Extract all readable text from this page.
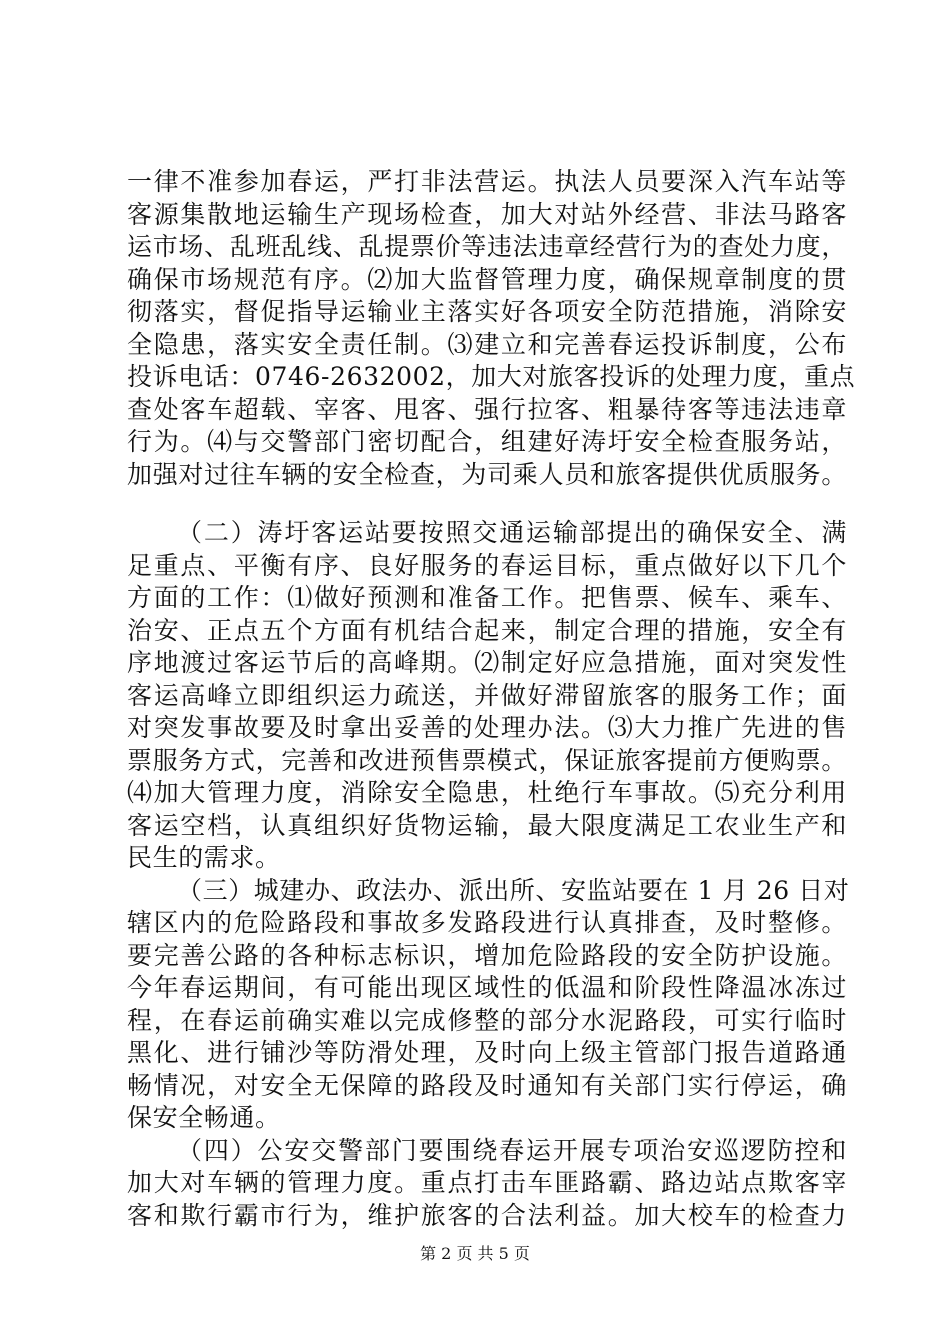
一律不准参加春运，严打非法营运。执法人员要深入汽车站等
客源集散地运输生产现场检查，加大对站外经营、非法马路客
运市场、乱班乱线、乱提票价等违法违章经营行为的查处力度，
确保市场规范有序。⑵加大监督管理力度，确保规章制度的贯
彻落实，督促指导运输业主落实好各项安全防范措施，消除安
全隐患，落实安全责任制。⑶建立和完善春运投诉制度，公布
投诉电话：0746-2632002，加大对旅客投诉的处理力度，重点
查处客车超载、宰客、甩客、强行拉客、粗暴待客等违法违章
行为。⑷与交警部门密切配合，组建好涛圩安全检查服务站，
加强对过往车辆的安全检查，为司乘人员和旅客提供优质服务。
（二）涛圩客运站要按照交通运输部提出的确保安全、满
足重点、平衡有序、良好服务的春运目标，重点做好以下几个
方面的工作：⑴做好预测和准备工作。把售票、候车、乘车、
治安、正点五个方面有机结合起来，制定合理的措施，安全有
序地渡过客运节后的高峰期。⑵制定好应急措施，面对突发性
客运高峰立即组织运力疏送，并做好滞留旅客的服务工作；面
对突发事故要及时拿出妥善的处理办法。⑶大力推广先进的售
票服务方式，完善和改进预售票模式，保证旅客提前方便购票。
⑷加大管理力度，消除安全隐患，杜绝行车事故。⑸充分利用
客运空档，认真组织好货物运输，最大限度满足工农业生产和
民生的需求。
（三）城建办、政法办、派出所、安监站要在 1 月 26 日对
辖区内的危险路段和事故多发路段进行认真排查，及时整修。
要完善公路的各种标志标识，增加危险路段的安全防护设施。
今年春运期间，有可能出现区域性的低温和阶段性降温冰冻过
程，在春运前确实难以完成修整的部分水泥路段，可实行临时
黑化、进行铺沙等防滑处理，及时向上级主管部门报告道路通
畅情况，对安全无保障的路段及时通知有关部门实行停运，确
保安全畅通。
（四）公安交警部门要围绕春运开展专项治安巡逻防控和
加大对车辆的管理力度。重点打击车匪路霸、路边站点欺客宰
客和欺行霸市行为，维护旅客的合法利益。加大校车的检查力
第 2 页 共 5 页
